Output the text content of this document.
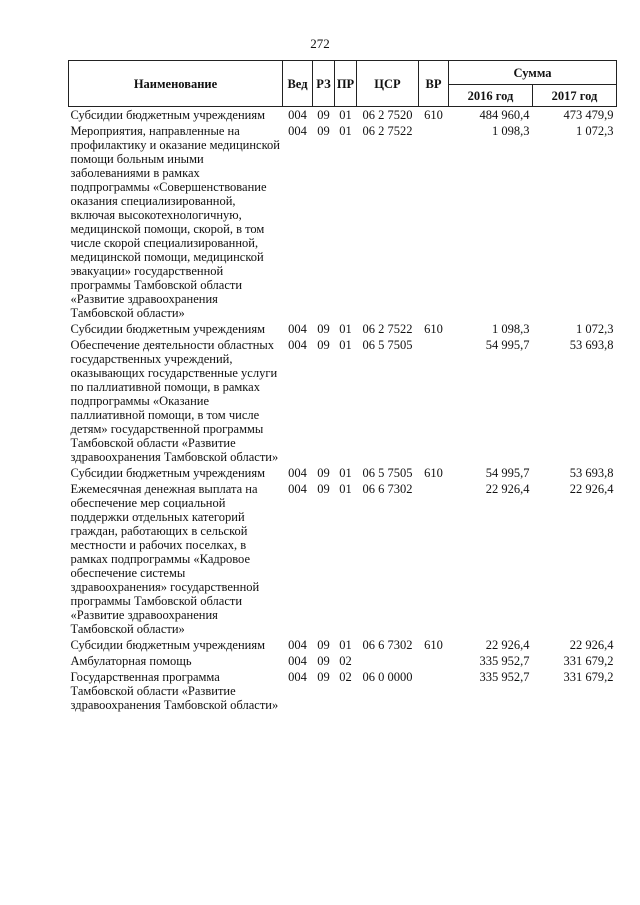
272
Наименование	Вед	РЗ	ПР	ЦСР	ВР	Сумма	
						2016 год	2017 год
Субсидии бюджетным учреждениям	004	09	01	06 2 7520	610	484 960,4	473 479,9
Мероприятия, направленные на профилактику и оказание медицинской помощи больным иными заболеваниями в рамках подпрограммы «Совершенствование оказания специализированной, включая высокотехнологичную, медицинской помощи, скорой, в том числе скорой специализированной, медицинской помощи, медицинской эвакуации» государственной программы Тамбовской области «Развитие здравоохранения Тамбовской области»	004	09	01	06 2 7522		1 098,3	1 072,3
Субсидии бюджетным учреждениям	004	09	01	06 2 7522	610	1 098,3	1 072,3
Обеспечение деятельности областных государственных учреждений, оказывающих государственные услуги по паллиативной помощи, в рамках подпрограммы «Оказание паллиативной помощи, в том числе детям» государственной программы Тамбовской области «Развитие здравоохранения Тамбовской области»	004	09	01	06 5 7505		54 995,7	53 693,8
Субсидии бюджетным учреждениям	004	09	01	06 5 7505	610	54 995,7	53 693,8
Ежемесячная денежная выплата на обеспечение мер социальной поддержки отдельных категорий граждан, работающих в сельской местности и рабочих поселках, в рамках подпрограммы «Кадровое обеспечение системы здравоохранения» государственной программы Тамбовской области «Развитие здравоохранения Тамбовской области»	004	09	01	06 6 7302		22 926,4	22 926,4
Субсидии бюджетным учреждениям	004	09	01	06 6 7302	610	22 926,4	22 926,4
Амбулаторная помощь	004	09	02			335 952,7	331 679,2
Государственная программа Тамбовской области «Развитие здравоохранения Тамбовской области»	004	09	02	06 0 0000		335 952,7	331 679,2
